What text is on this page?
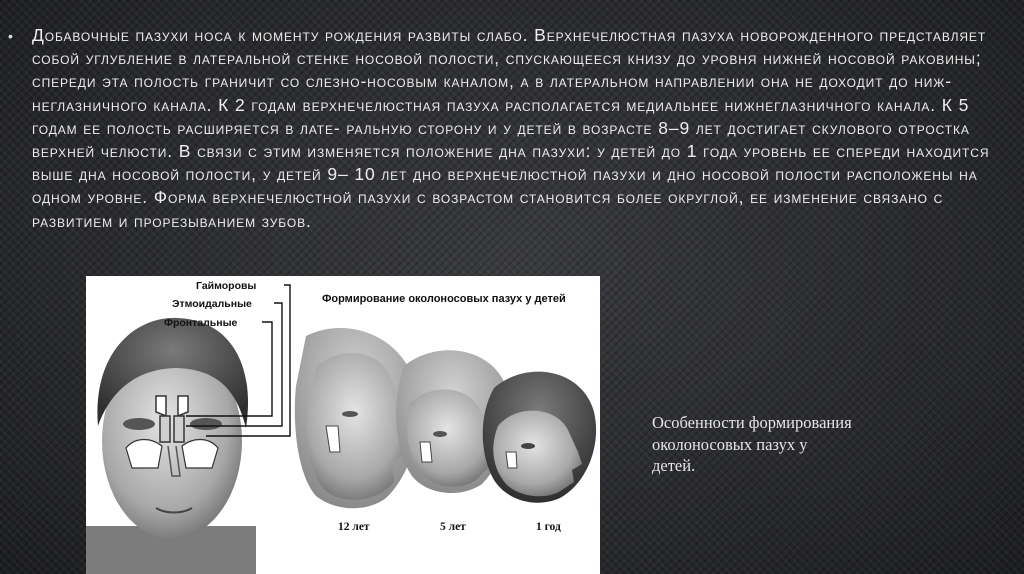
•	Добавочные пазухи носа к моменту рождения развиты слабо. Верхнечелюстная пазуха новорожденного представляет собой углубление в латеральной стенке носовой полости, спускающееся книзу до уровня нижней носовой раковины; спереди эта полость граничит со слезно-носовым каналом, а в латеральном направлении она не доходит до ниж- неглазничного канала. К 2 годам верхнечелюстная пазуха располагается медиальнее нижнеглазничного канала. К 5 годам ее полость расширяется в лате- ральную сторону и у детей в возрасте 8–9 лет достигает скулового отростка верхней челюсти. В связи с этим изменяется положение дна пазухи: у детей до 1 года уровень ее спереди находится выше дна носовой полости, у детей 9– 10 лет дно верхнечелюстной пазухи и дно носовой полости расположены на одном уровне. Форма верхнечелюстной пазухи с возрастом становится более округлой, ее изменение связано с развитием и прорезыванием зубов.
Гайморовы
Этмоидальные
Фронтальные
Формирование околоносовых пазух у детей
12 лет	5 лет	1 год
Особенности формирования околоносовых пазух у детей.
